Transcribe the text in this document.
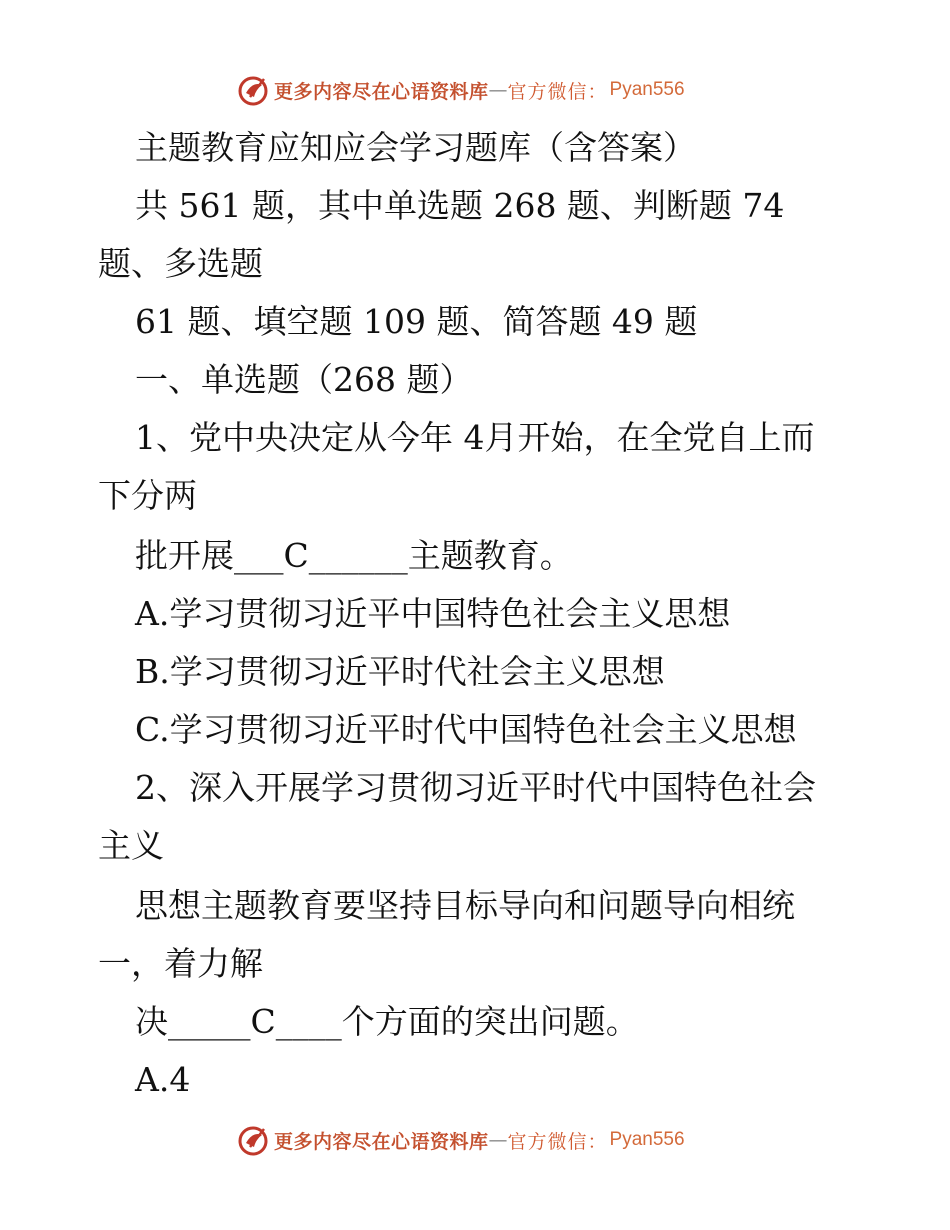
更多内容尽在心语资料库 — 官方微信： Pyan556
主题教育应知应会学习题库（含答案）
共 561 题，其中单选题 268 题、判断题 74
题、多选题
61 题、填空题 109 题、简答题 49 题
一、单选题（268 题）
1、党中央决定从今年 4月开始，在全党自上而
下分两
批开展___C______主题教育。
A.学习贯彻习近平中国特色社会主义思想
B.学习贯彻习近平时代社会主义思想
C.学习贯彻习近平时代中国特色社会主义思想
2、深入开展学习贯彻习近平时代中国特色社会
主义
思想主题教育要坚持目标导向和问题导向相统
一，着力解
决_____C____个方面的突出问题。
A.4
更多内容尽在心语资料库 — 官方微信： Pyan556
